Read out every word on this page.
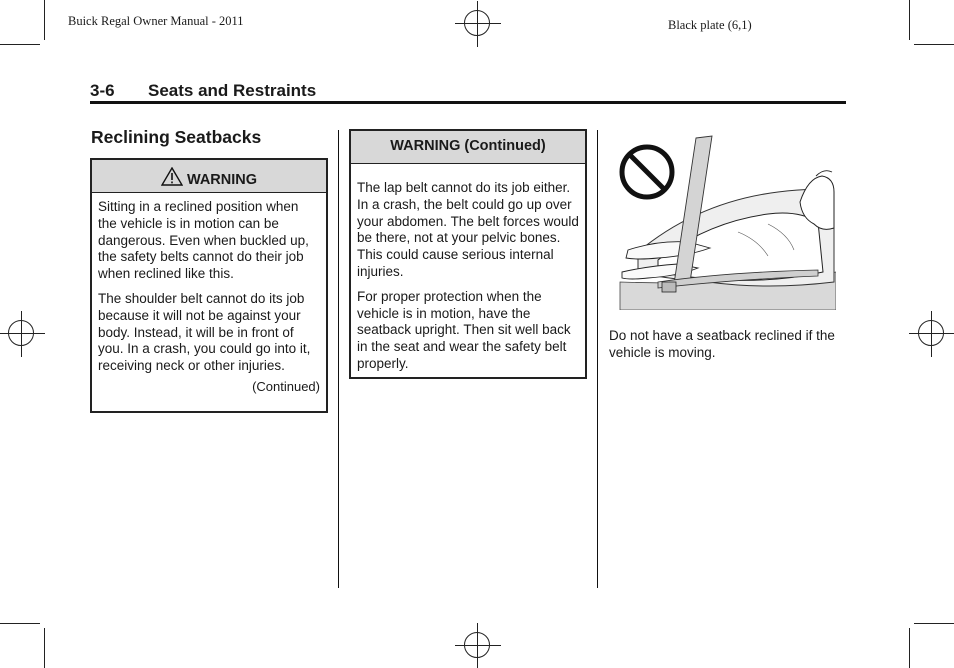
Buick Regal Owner Manual - 2011	Black plate (6,1)
3-6 Seats and Restraints
Reclining Seatbacks
WARNING

Sitting in a reclined position when the vehicle is in motion can be dangerous. Even when buckled up, the safety belts cannot do their job when reclined like this.

The shoulder belt cannot do its job because it will not be against your body. Instead, it will be in front of you. In a crash, you could go into it, receiving neck or other injuries.

(Continued)
WARNING (Continued)

The lap belt cannot do its job either. In a crash, the belt could go up over your abdomen. The belt forces would be there, not at your pelvic bones. This could cause serious internal injuries.

For proper protection when the vehicle is in motion, have the seatback upright. Then sit well back in the seat and wear the safety belt properly.

Do not have a seatback reclined if the vehicle is moving.
